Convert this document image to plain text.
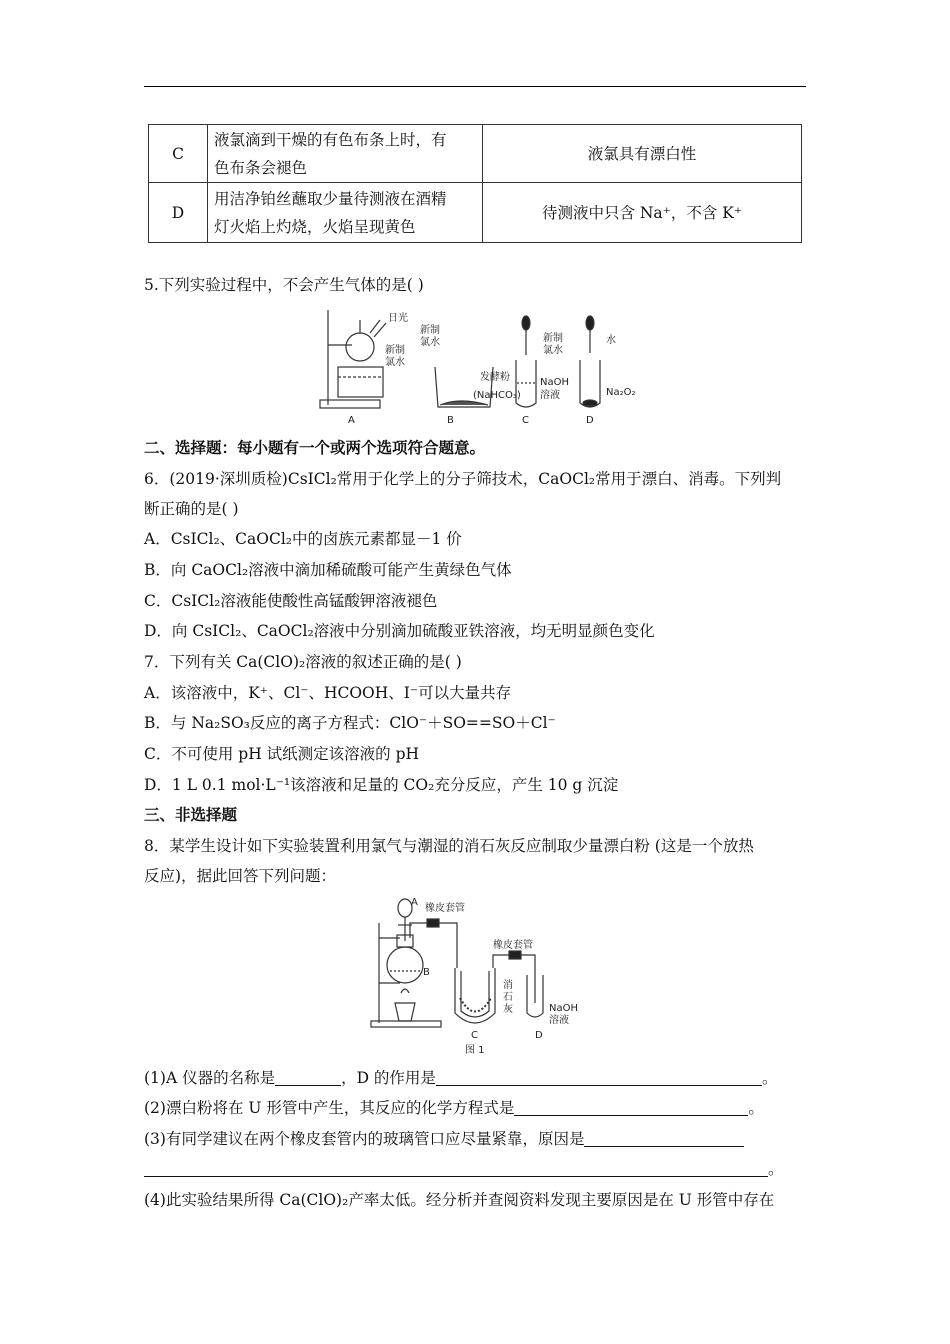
C	液氯滴到干燥的有色布条上时，有
色布条会褪色	液氯具有漂白性
D	用洁净铂丝蘸取少量待测液在酒精
灯火焰上灼烧，火焰呈现黄色	待测液中只含 Na⁺，不含 K⁺
5.下列实验过程中，不会产生气体的是( )
日光
新制
氯水
A
新制
氯水
发酵粉
(NaHCO₃)
B
新制
氯水
NaOH
溶液
C
水
Na₂O₂
D
二、选择题：每小题有一个或两个选项符合题意。
6．(2019·深圳质检)CsICl₂常用于化学上的分子筛技术，CaOCl₂常用于漂白、消毒。下列判
断正确的是( )
A．CsICl₂、CaOCl₂中的卤族元素都显－1 价
B．向 CaOCl₂溶液中滴加稀硫酸可能产生黄绿色气体
C．CsICl₂溶液能使酸性高锰酸钾溶液褪色
D．向 CsICl₂、CaOCl₂溶液中分别滴加硫酸亚铁溶液，均无明显颜色变化
7．下列有关 Ca(ClO)₂溶液的叙述正确的是( )
A．该溶液中，K⁺、Cl⁻、HCOOH、I⁻可以大量共存
B．与 Na₂SO₃反应的离子方程式：ClO⁻＋SO==SO＋Cl⁻
C．不可使用 pH 试纸测定该溶液的 pH
D．1 L 0.1 mol·L⁻¹该溶液和足量的 CO₂充分反应，产生 10 g 沉淀
三、非选择题
8．某学生设计如下实验装置利用氯气与潮湿的消石灰反应制取少量漂白粉 (这是一个放热
反应)，据此回答下列问题：
A
橡皮套管
B
橡皮套管
消
石
灰
C	D
NaOH
溶液
图 1
(1)A 仪器的名称是	，D 的作用是	。
(2)漂白粉将在 U 形管中产生，其反应的化学方程式是	。
(3)有同学建议在两个橡皮套管内的玻璃管口应尽量紧靠，原因是
。
(4)此实验结果所得 Ca(ClO)₂产率太低。经分析并查阅资料发现主要原因是在 U 形管中存在
